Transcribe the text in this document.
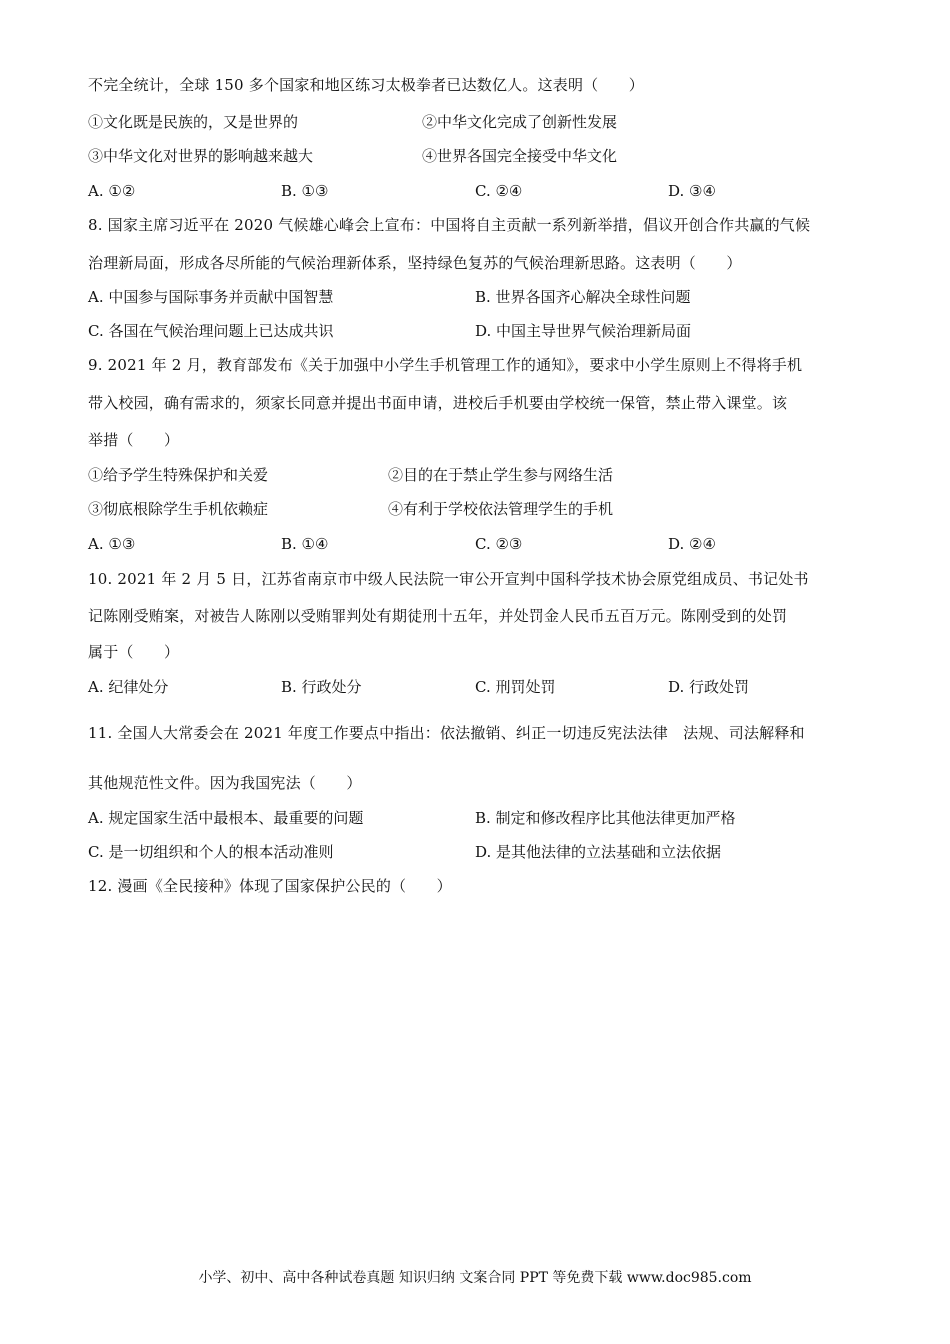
不完全统计，全球 150 多个国家和地区练习太极拳者已达数亿人。这表明（　　）
①文化既是民族的，又是世界的	②中华文化完成了创新性发展
③中华文化对世界的影响越来越大	④世界各国完全接受中华文化
A. ①②	B. ①③	C. ②④	D. ③④
8. 国家主席习近平在 2020 气候雄心峰会上宣布：中国将自主贡献一系列新举措，倡议开创合作共赢的气候
治理新局面，形成各尽所能的气候治理新体系，坚持绿色复苏的气候治理新思路。这表明（　　）
A. 中国参与国际事务并贡献中国智慧	B. 世界各国齐心解决全球性问题
C. 各国在气候治理问题上已达成共识	D. 中国主导世界气候治理新局面
9. 2021 年 2 月，教育部发布《关于加强中小学生手机管理工作的通知》，要求中小学生原则上不得将手机
带入校园，确有需求的，须家长同意并提出书面申请，进校后手机要由学校统一保管，禁止带入课堂。该
举措（　　）
①给予学生特殊保护和关爱	②目的在于禁止学生参与网络生活
③彻底根除学生手机依赖症	④有利于学校依法管理学生的手机
A. ①③	B. ①④	C. ②③	D. ②④
10. 2021 年 2 月 5 日，江苏省南京市中级人民法院一审公开宣判中国科学技术协会原党组成员、书记处书
记陈刚受贿案，对被告人陈刚以受贿罪判处有期徒刑十五年，并处罚金人民币五百万元。陈刚受到的处罚
属于（　　）
A. 纪律处分	B. 行政处分	C. 刑罚处罚	D. 行政处罚
11. 全国人大常委会在 2021 年度工作要点中指出：依法撤销、纠正一切违反宪法法律　法规、司法解释和
其他规范性文件。因为我国宪法（　　）
A. 规定国家生活中最根本、最重要的问题	B. 制定和修改程序比其他法律更加严格
C. 是一切组织和个人的根本活动准则	D. 是其他法律的立法基础和立法依据
12. 漫画《全民接种》体现了国家保护公民的（　　）
小学、初中、高中各种试卷真题 知识归纳 文案合同 PPT 等免费下载 www.doc985.com
